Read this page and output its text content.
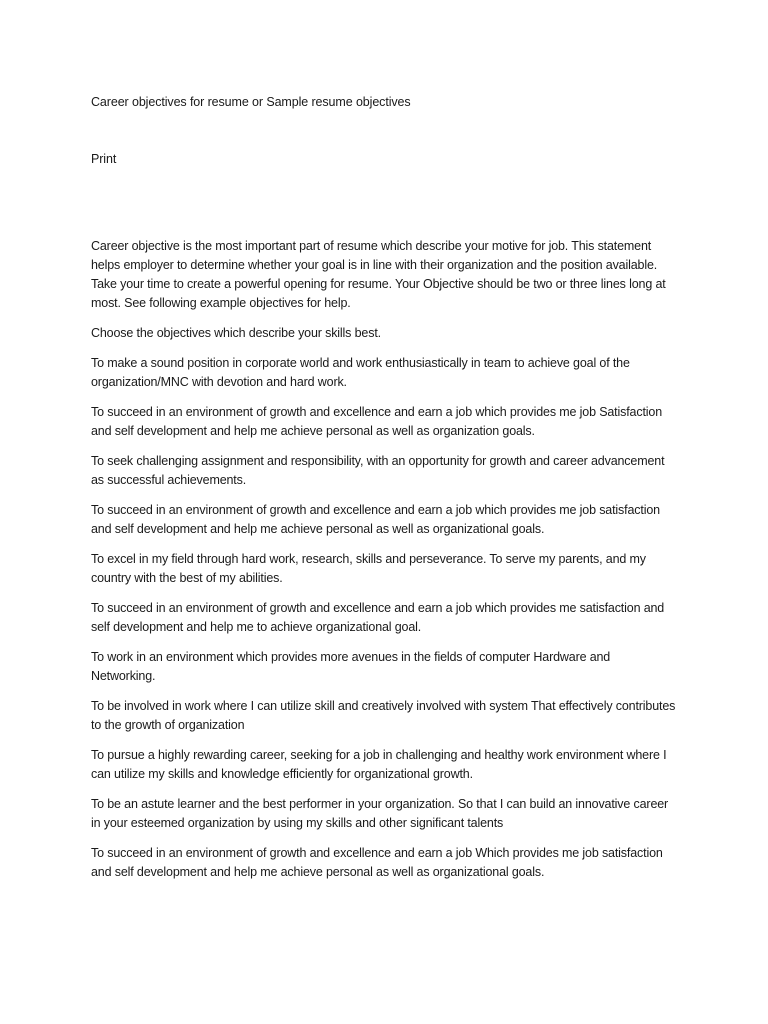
Career objectives for resume or Sample resume objectives

Print

Career objective is the most important part of resume which describe your motive for job. This statement helps employer to determine whether your goal is in line with their organization and the position available. Take your time to create a powerful opening for resume. Your Objective should be two or three lines long at most. See following example objectives for help.

Choose the objectives which describe your skills best.

To make a sound position in corporate world and work enthusiastically in team to achieve goal of the organization/MNC with devotion and hard work.

To succeed in an environment of growth and excellence and earn a job which provides me job Satisfaction and self development and help me achieve personal as well as organization goals.

To seek challenging assignment and responsibility, with an opportunity for growth and career advancement as successful achievements.

To succeed in an environment of growth and excellence and earn a job which provides me job satisfaction and self development and help me achieve personal as well as organizational goals.

To excel in my field through hard work, research, skills and perseverance. To serve my parents, and my country with the best of my abilities.

To succeed in an environment of growth and excellence and earn a job which provides me satisfaction and self development and help me to achieve organizational goal.

To work in an environment which provides more avenues in the fields of computer Hardware and Networking.

To be involved in work where I can utilize skill and creatively involved with system That effectively contributes to the growth of organization

To pursue a highly rewarding career, seeking for a job in challenging and healthy work environment where I can utilize my skills and knowledge efficiently for organizational growth.

To be an astute learner and the best performer in your organization. So that I can build an innovative career in your esteemed organization by using my skills and other significant talents

To succeed in an environment of growth and excellence and earn a job Which provides me job satisfaction and self development and help me achieve personal as well as organizational goals.
